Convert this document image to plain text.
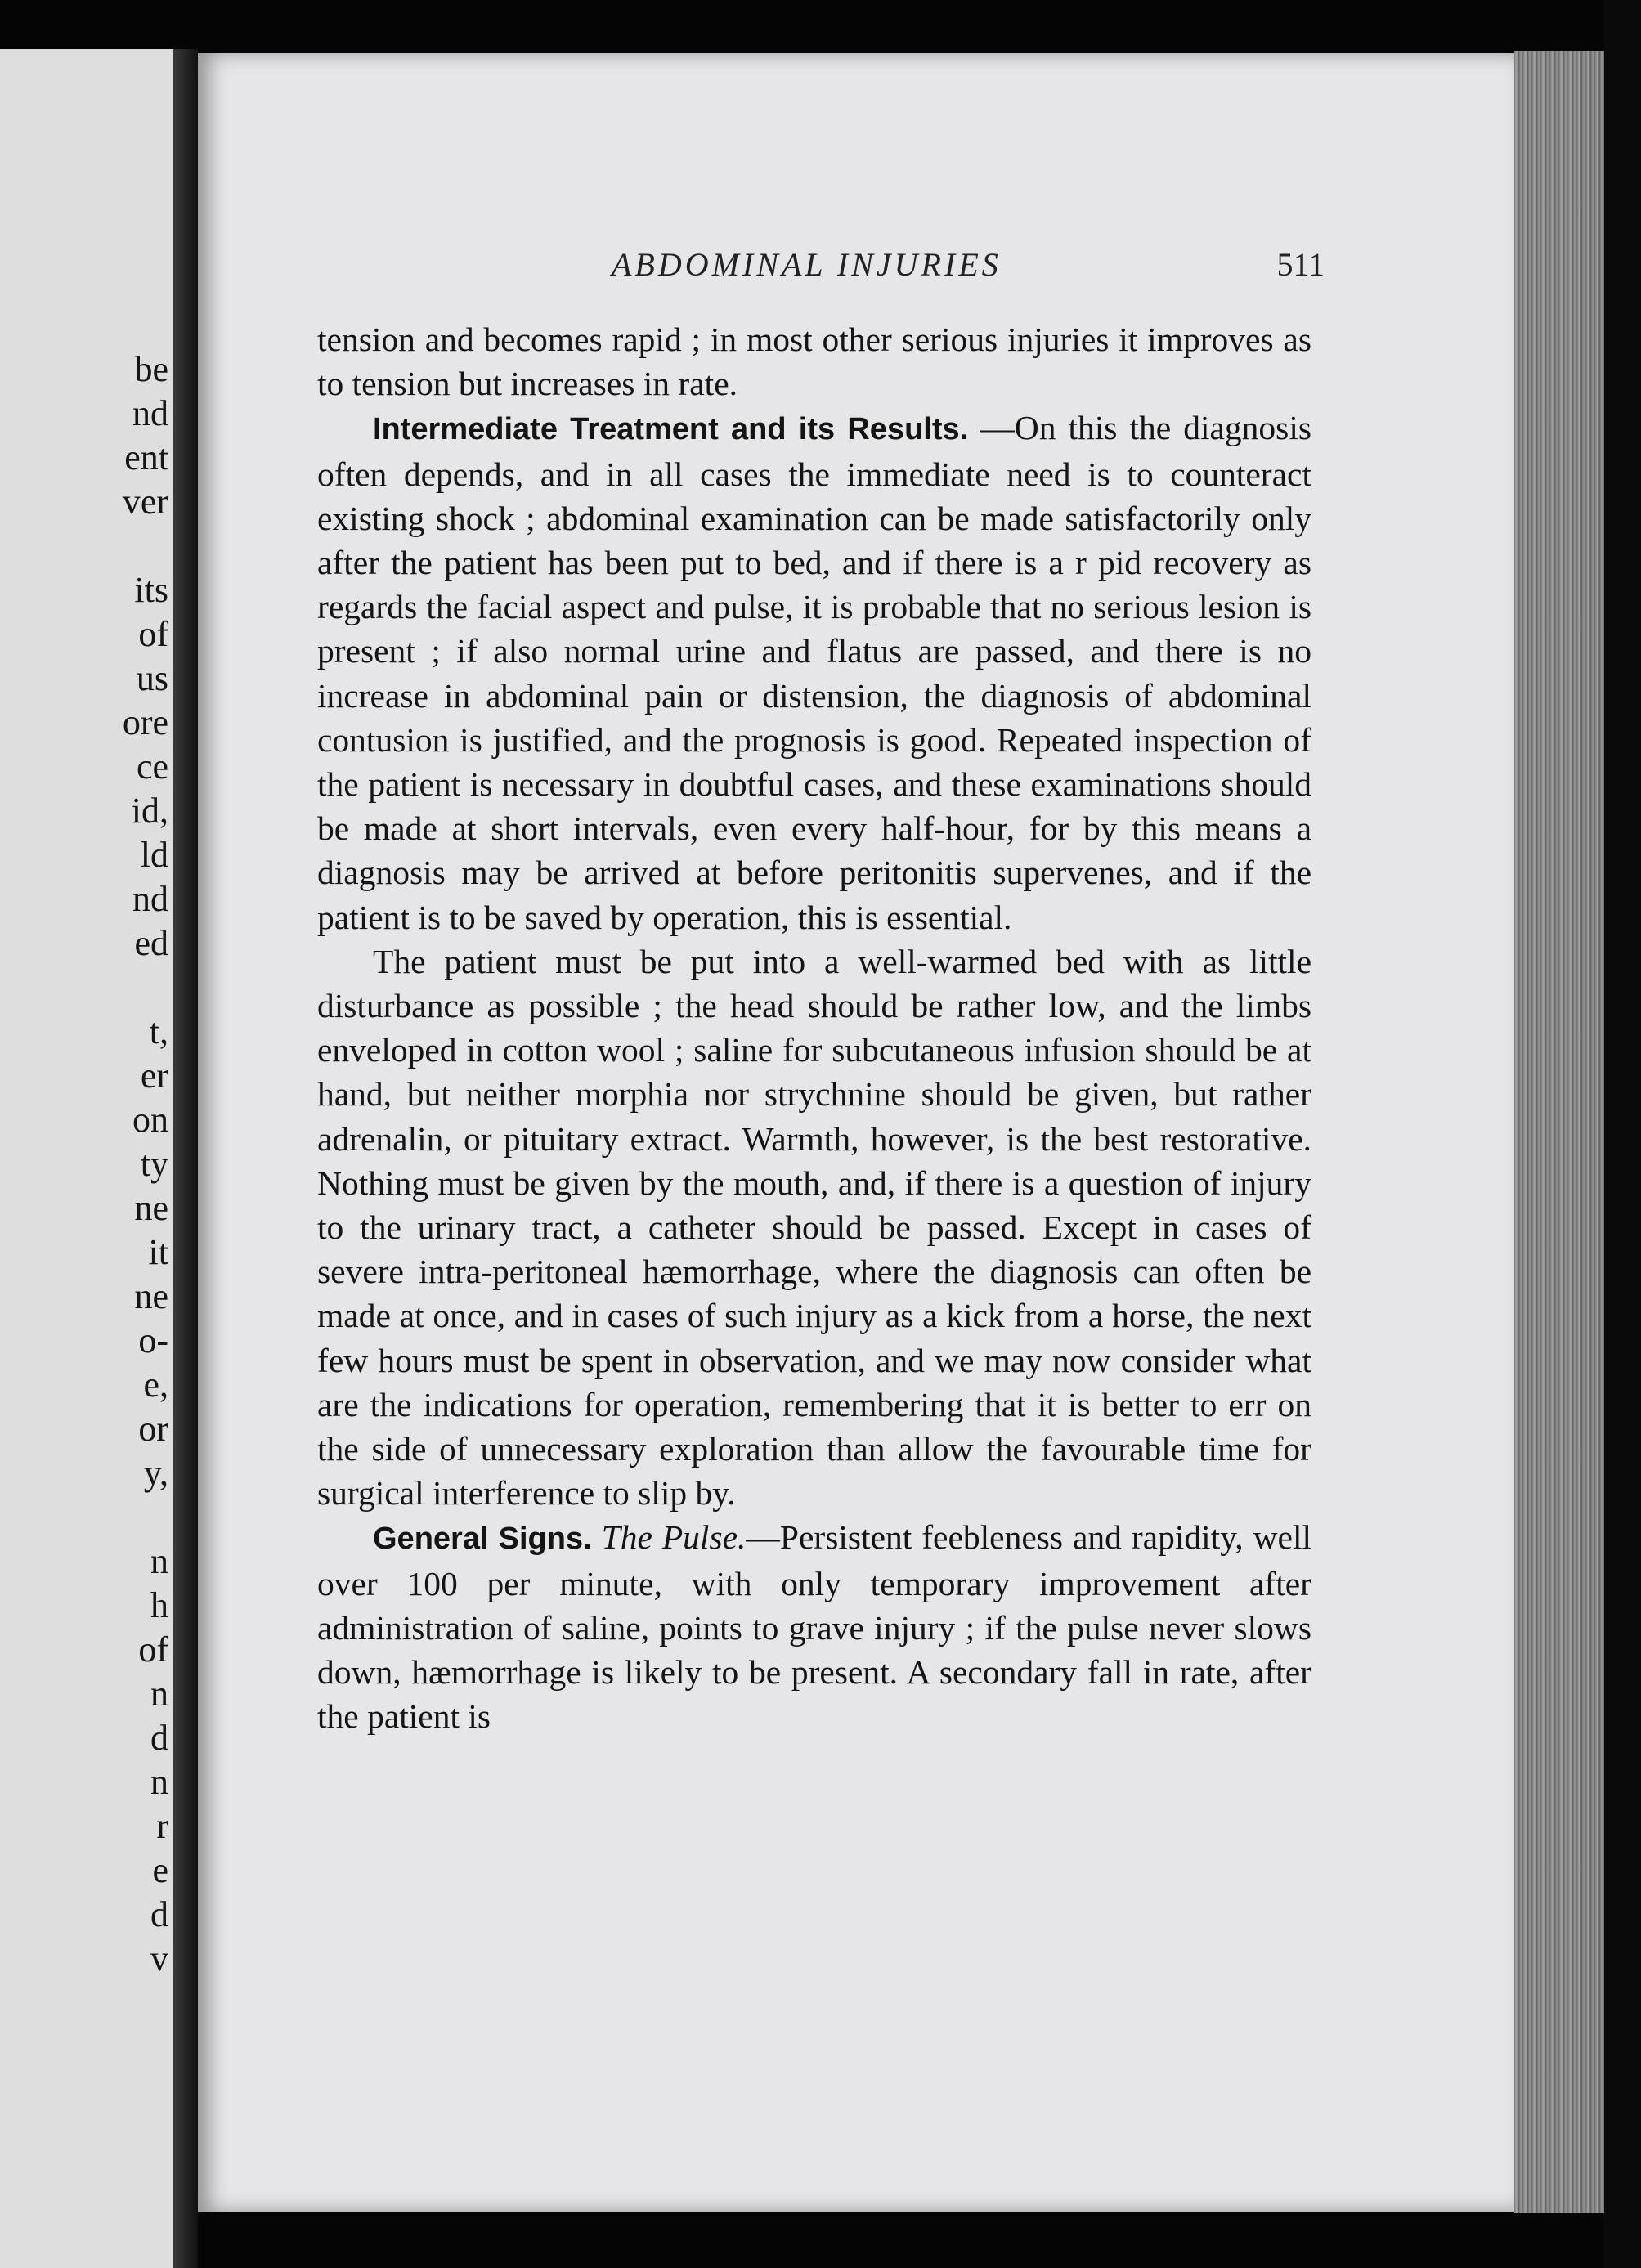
be
nd
ent
ver
its
of
us
ore
ce
id,
ld
nd
ed
t,
er
on
ty
ne
it
ne
o-
e,
or
y,
n
h
of
n
d
n
r
e
d
v
ABDOMINAL INJURIES	511

tension and becomes rapid ; in most other serious injuries it improves as to tension but increases in rate.

Intermediate Treatment and its Results. —On this the diagnosis often depends, and in all cases the immediate need is to counteract existing shock ; abdominal examination can be made satisfactorily only after the patient has been put to bed, and if there is a r pid recovery as regards the facial aspect and pulse, it is probable that no serious lesion is present ; if also normal urine and flatus are passed, and there is no increase in abdominal pain or distension, the diagnosis of abdominal contusion is justified, and the prognosis is good. Repeated inspection of the patient is necessary in doubtful cases, and these examinations should be made at short intervals, even every half-hour, for by this means a diagnosis may be arrived at before peritonitis supervenes, and if the patient is to be saved by operation, this is essential.

The patient must be put into a well-warmed bed with as little disturbance as possible ; the head should be rather low, and the limbs enveloped in cotton wool ; saline for subcutaneous infusion should be at hand, but neither morphia nor strychnine should be given, but rather adrenalin, or pituitary extract. Warmth, however, is the best restorative. Nothing must be given by the mouth, and, if there is a question of injury to the urinary tract, a catheter should be passed. Except in cases of severe intra-peritoneal hæmorrhage, where the diagnosis can often be made at once, and in cases of such injury as a kick from a horse, the next few hours must be spent in observation, and we may now consider what are the indications for operation, remembering that it is better to err on the side of unnecessary exploration than allow the favourable time for surgical interference to slip by.

General Signs. The Pulse.—Persistent feebleness and rapidity, well over 100 per minute, with only temporary improvement after administration of saline, points to grave injury ; if the pulse never slows down, hæmorrhage is likely to be present. A secondary fall in rate, after the patient is
